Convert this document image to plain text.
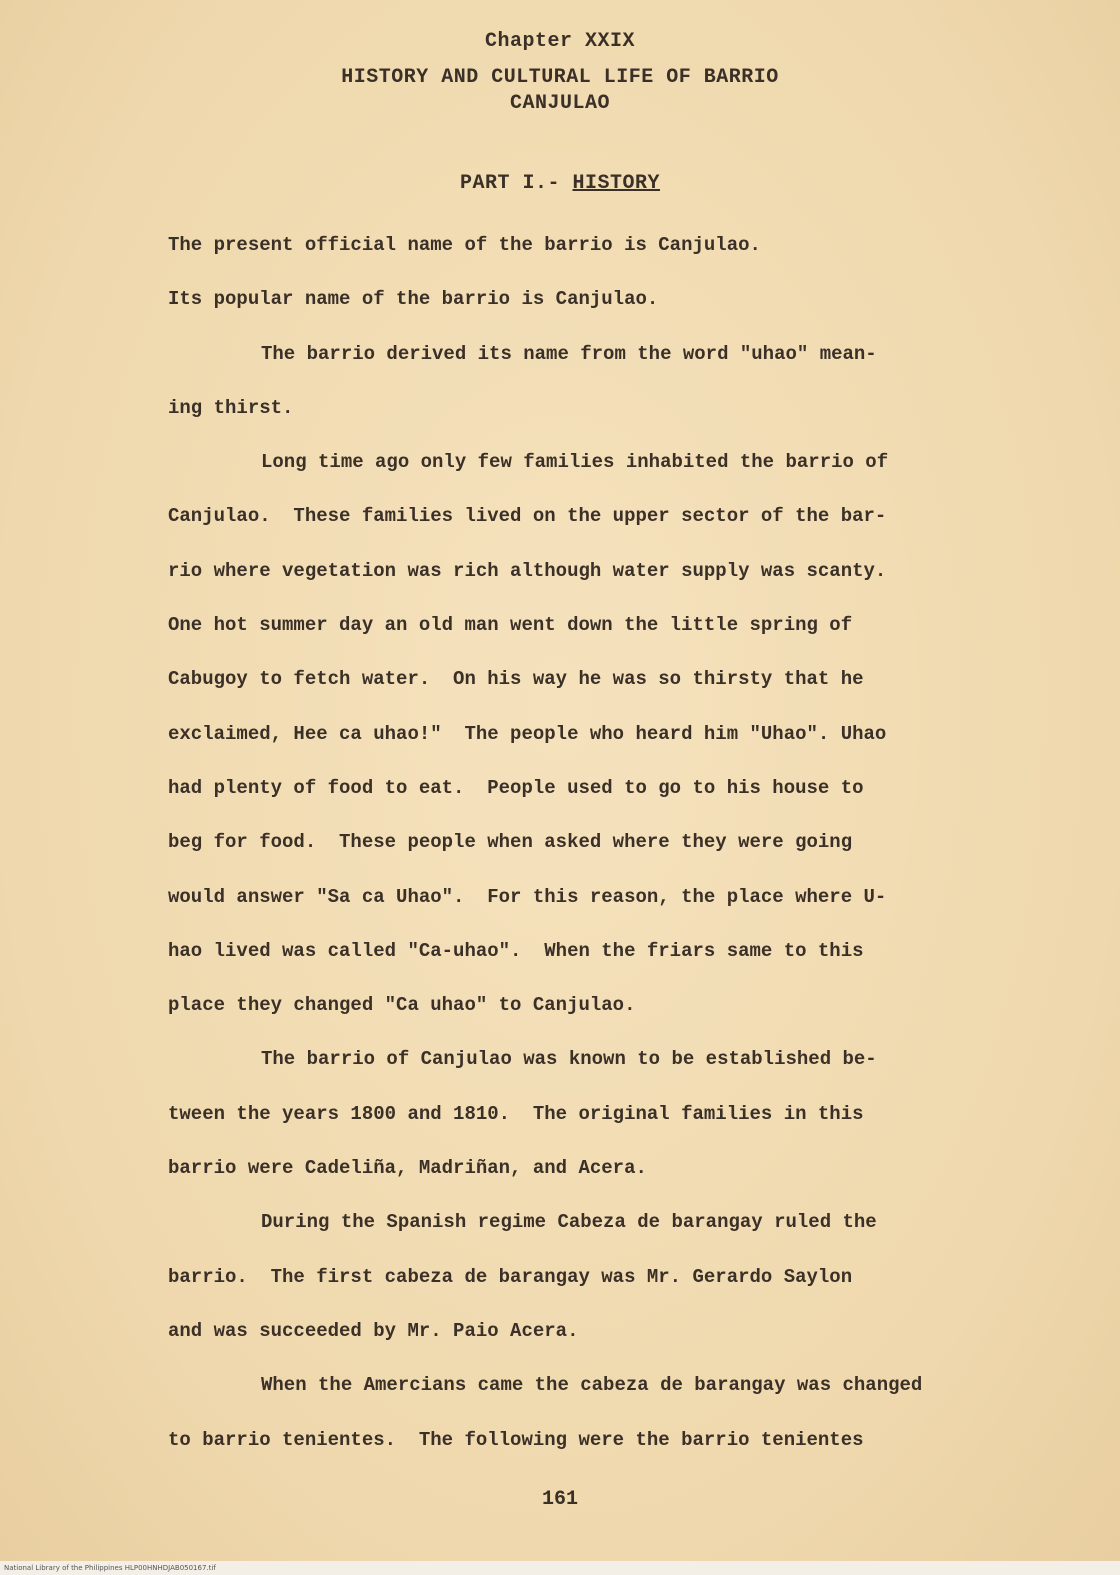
Chapter XXIX
HISTORY AND CULTURAL LIFE OF BARRIO
CANJULAO
PART I.- HISTORY
The present official name of the barrio is Canjulao.
Its popular name of the barrio is Canjulao.
The barrio derived its name from the word "uhao" mean-
ing thirst.
Long time ago only few families inhabited the barrio of
Canjulao.  These families lived on the upper sector of the bar-
rio where vegetation was rich although water supply was scanty.
One hot summer day an old man went down the little spring of
Cabugoy to fetch water.  On his way he was so thirsty that he
exclaimed, Hee ca uhao!"  The people who heard him "Uhao". Uhao
had plenty of food to eat.  People used to go to his house to
beg for food.  These people when asked where they were going
would answer "Sa ca Uhao".  For this reason, the place where U-
hao lived was called "Ca-uhao".  When the friars same to this
place they changed "Ca uhao" to Canjulao.
The barrio of Canjulao was known to be established be-
tween the years 1800 and 1810.  The original families in this
barrio were Cadeliña, Madriñan, and Acera.
During the Spanish regime Cabeza de barangay ruled the
barrio.  The first cabeza de barangay was Mr. Gerardo Saylon
and was succeeded by Mr. Paio Acera.
When the Amercians came the cabeza de barangay was changed
to barrio tenientes.  The following were the barrio tenientes
161
National Library of the Philippines HLP00HNHDJAB050167.tif
